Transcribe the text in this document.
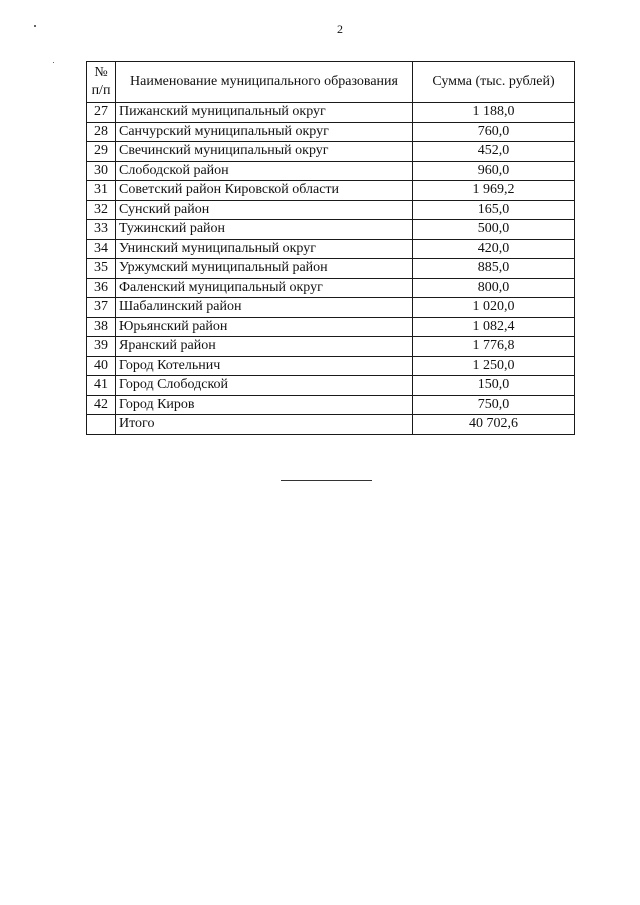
2
№ п/п	Наименование муниципального образования	Сумма (тыс. рублей)
27	Пижанский муниципальный округ	1 188,0
28	Санчурский муниципальный округ	760,0
29	Свечинский муниципальный округ	452,0
30	Слободской район	960,0
31	Советский район Кировской области	1 969,2
32	Сунский район	165,0
33	Тужинский район	500,0
34	Унинский муниципальный округ	420,0
35	Уржумский муниципальный район	885,0
36	Фаленский муниципальный округ	800,0
37	Шабалинский район	1 020,0
38	Юрьянский район	1 082,4
39	Яранский район	1 776,8
40	Город Котельнич	1 250,0
41	Город Слободской	150,0
42	Город Киров	750,0
	Итого	40 702,6
